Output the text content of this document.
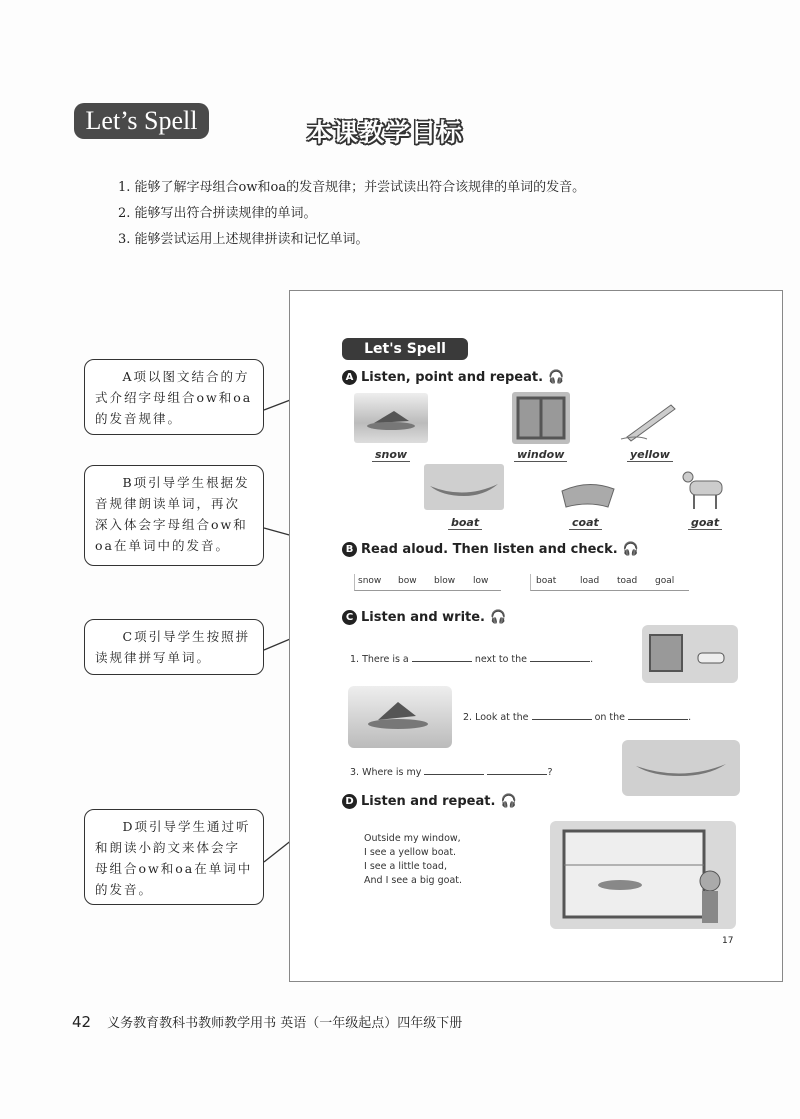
Let’s Spell	本课教学目标
1. 能够了解字母组合ow和oa的发音规律；并尝试读出符合该规律的单词的发音。
2. 能够写出符合拼读规律的单词。
3. 能够尝试运用上述规律拼读和记忆单词。

A项以图文结合的方式介绍字母组合ow和oa的发音规律。

B项引导学生根据发音规律朗读单词，再次深入体会字母组合ow和oa在单词中的发音。

C项引导学生按照拼读规律拼写单词。

D项引导学生通过听和朗读小韵文来体会字母组合ow和oa在单词中的发音。

Let's Spell
A Listen, point and repeat. 🎧
snow	window	yellow
boat	coat	goat
B Read aloud. Then listen and check. 🎧
snow bow blow low	boat	load toad goal
C Listen and write. 🎧
1. There is a	next to the	.
2. Look at the	on the	.
3. Where is my	?
D Listen and repeat. 🎧
Outside my window,
I see a yellow boat.
I see a little toad,
And I see a big goat.
17
42 义务教育教科书教师教学用书 英语（一年级起点）四年级下册
